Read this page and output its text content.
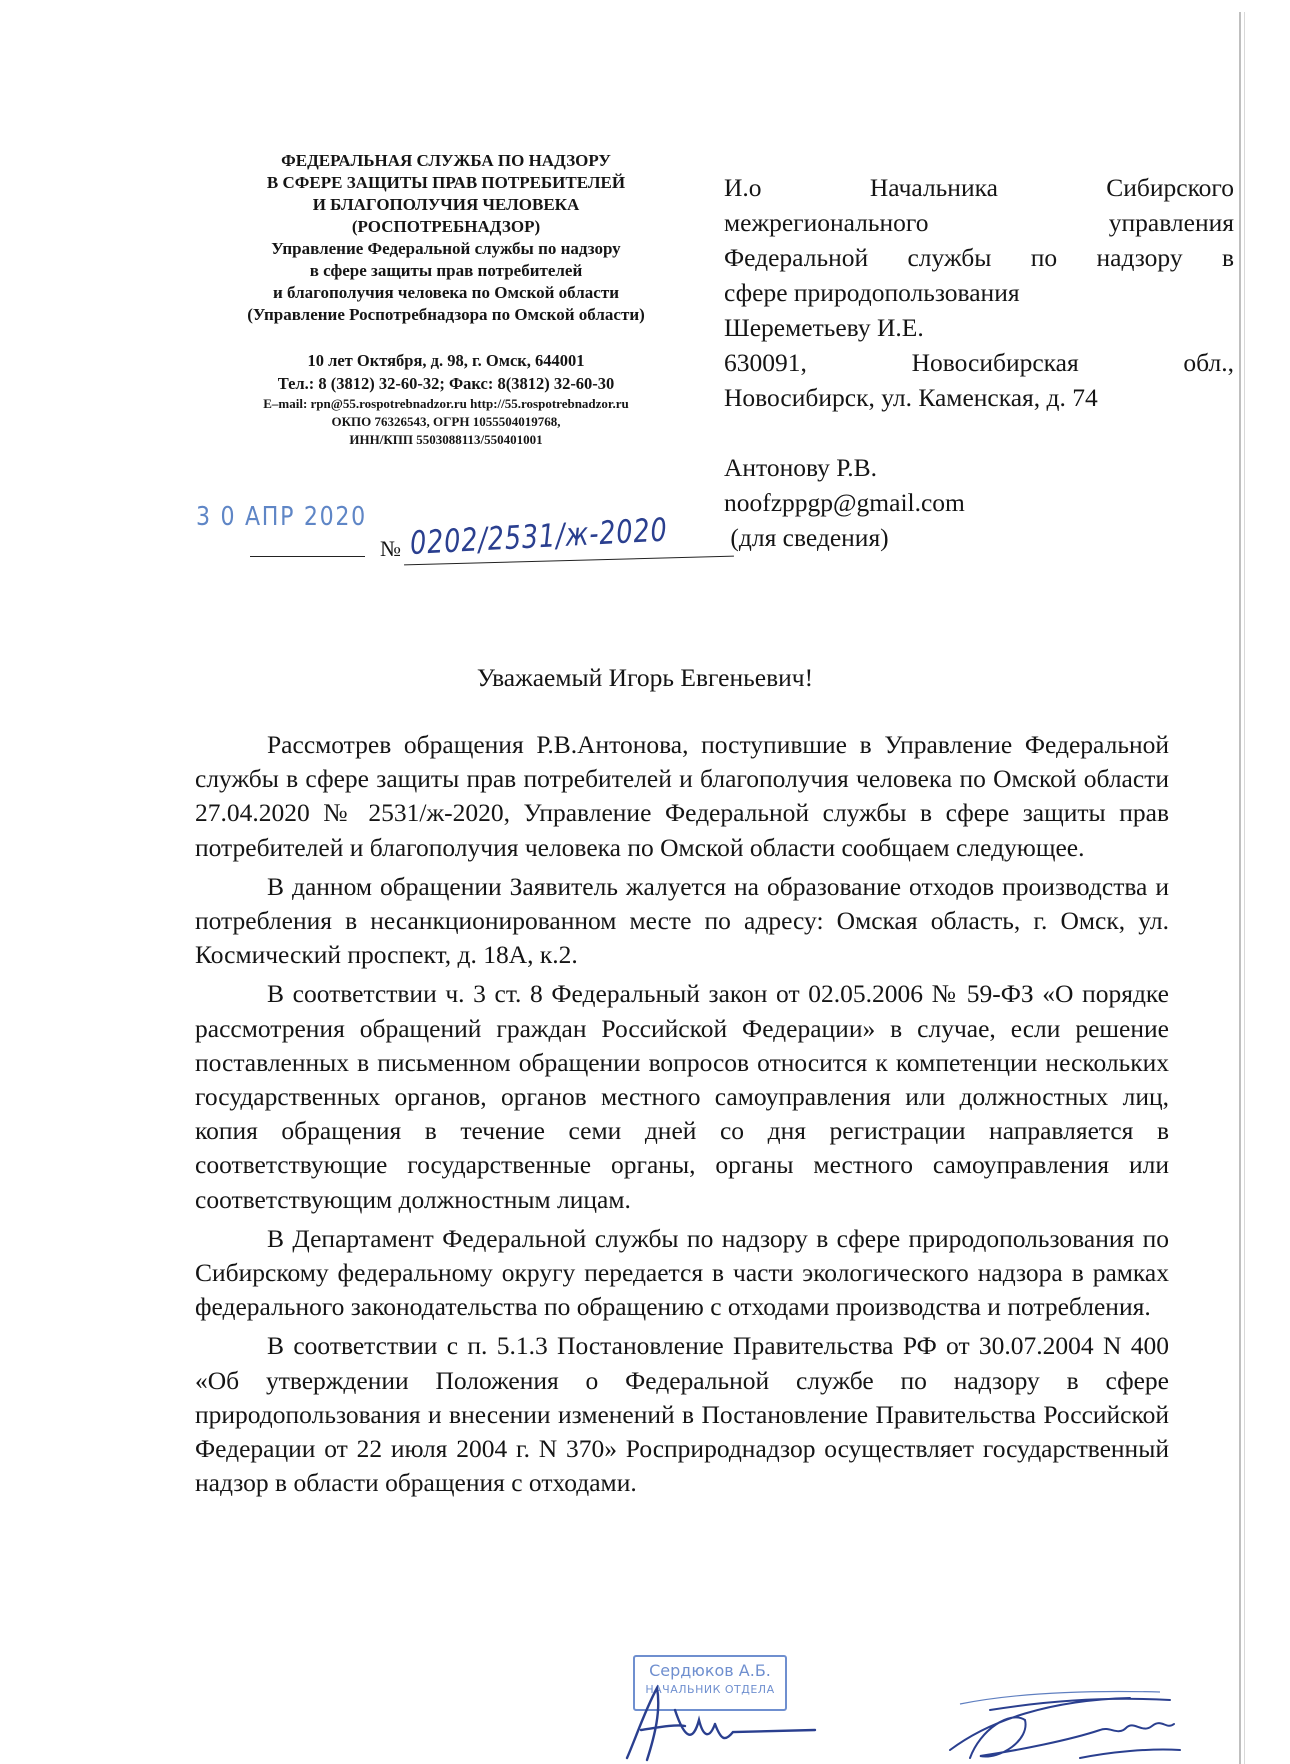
ФЕДЕРАЛЬНАЯ СЛУЖБА ПО НАДЗОРУ
В СФЕРЕ ЗАЩИТЫ ПРАВ ПОТРЕБИТЕЛЕЙ
И БЛАГОПОЛУЧИЯ ЧЕЛОВЕКА
(РОСПОТРЕБНАДЗОР)
Управление Федеральной службы по надзору
в сфере защиты прав потребителей
и благополучия человека по Омской области
(Управление Роспотребнадзора по Омской области)
10 лет Октября, д. 98, г. Омск, 644001
Тел.: 8 (3812) 32-60-32; Факс: 8(3812) 32-60-30
E–mail: rpn@55.rospotrebnadzor.ru http://55.rospotrebnadzor.ru
ОКПО 76326543, ОГРН 1055504019768,
ИНН/КПП 5503088113/550401001
3 0 АПР 2020
№ 0202/2531/ж-2020
И.о Начальника Сибирского
межрегионального управления
Федеральной службы по надзору в
сфере природопользования
Шереметьеву И.Е.
630091, Новосибирская обл.,
Новосибирск, ул. Каменская, д. 74
Антонову Р.В.
noofzppgp@gmail.com
(для сведения)
Уважаемый Игорь Евгеньевич!

Рассмотрев обращения Р.В.Антонова, поступившие в Управление Федеральной службы в сфере защиты прав потребителей и благополучия человека по Омской области 27.04.2020 № 2531/ж-2020, Управление Федеральной службы в сфере защиты прав потребителей и благополучия человека по Омской области сообщаем следующее.

В данном обращении Заявитель жалуется на образование отходов производства и потребления в несанкционированном месте по адресу: Омская область, г. Омск, ул. Космический проспект, д. 18А, к.2.

В соответствии ч. 3 ст. 8 Федеральный закон от 02.05.2006 № 59-ФЗ «О порядке рассмотрения обращений граждан Российской Федерации» в случае, если решение поставленных в письменном обращении вопросов относится к компетенции нескольких государственных органов, органов местного самоуправления или должностных лиц, копия обращения в течение семи дней со дня регистрации направляется в соответствующие государственные органы, органы местного самоуправления или соответствующим должностным лицам.

В Департамент Федеральной службы по надзору в сфере природопользования по Сибирскому федеральному округу передается в части экологического надзора в рамках федерального законодательства по обращению с отходами производства и потребления.

В соответствии с п. 5.1.3 Постановление Правительства РФ от 30.07.2004 N 400 «Об утверждении Положения о Федеральной службе по надзору в сфере природопользования и внесении изменений в Постановление Правительства Российской Федерации от 22 июля 2004 г. N 370» Росприроднадзор осуществляет государственный надзор в области обращения с отходами.

Сердюков А.Б.
НАЧАЛЬНИК ОТДЕЛА
